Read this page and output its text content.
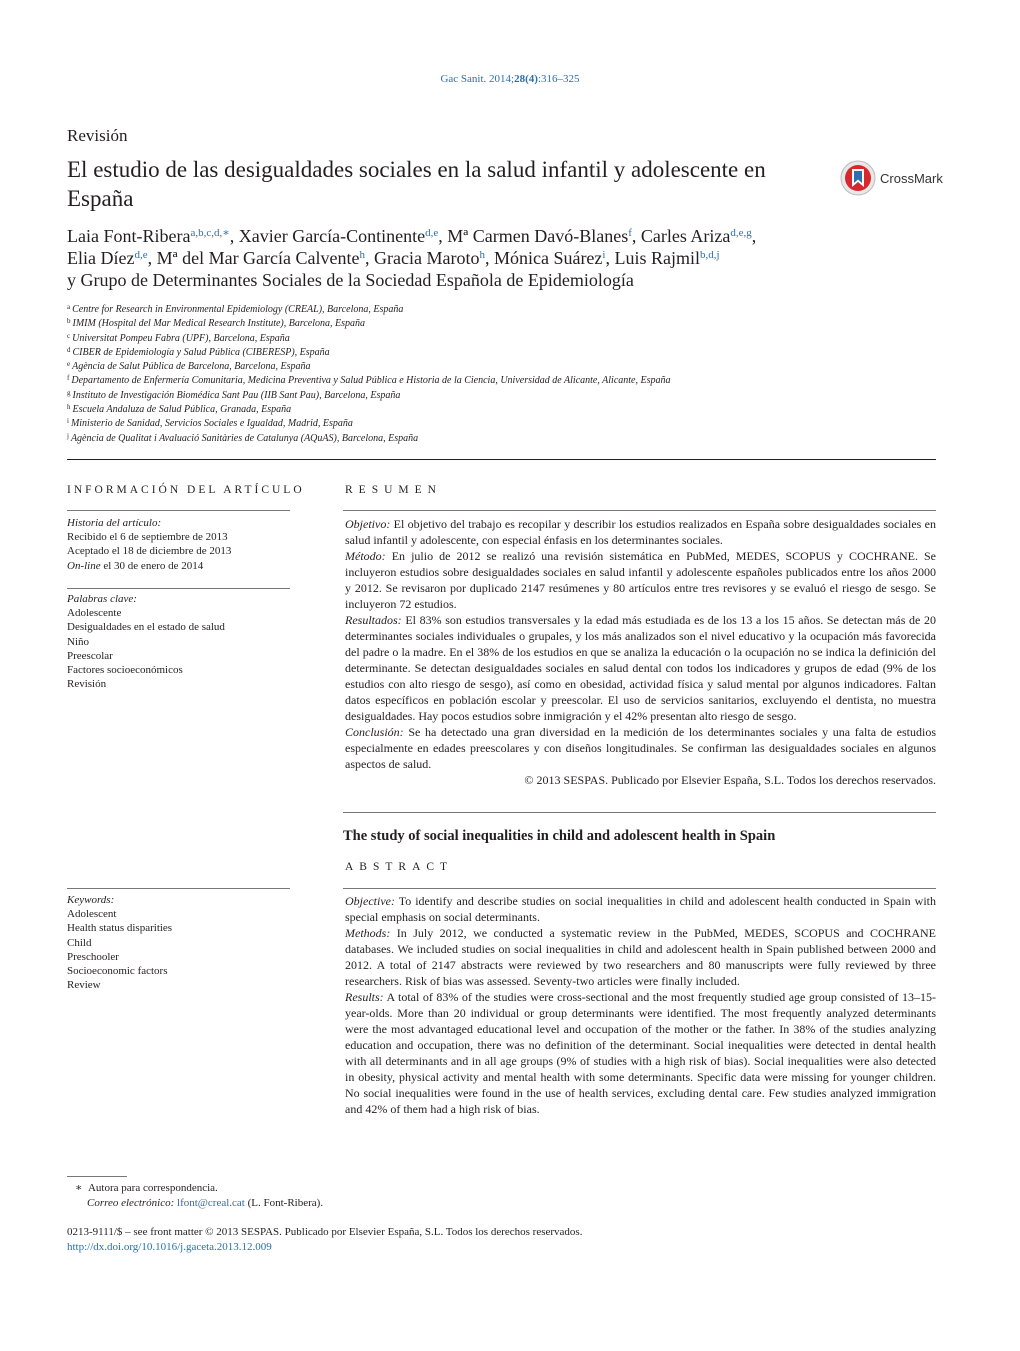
Gac Sanit. 2014;28(4):316–325
Revisión
El estudio de las desigualdades sociales en la salud infantil y adolescente en España
CrossMark
Laia Font-Ribera$^{a,b,c,d,∗}$, Xavier García-Continente$^{d,e}$, Mª Carmen Davó-Blanes$^f$, Carles Ariza$^{d,e,g}$,
Elia Díez$^{d,e}$, Mª del Mar García Calvente$^h$, Gracia Maroto$^h$, Mónica Suárez$^i$, Luis Rajmil$^{b,d,j}$
y Grupo de Determinantes Sociales de la Sociedad Española de Epidemiología
$^a$ Centre for Research in Environmental Epidemiology (CREAL), Barcelona, España
$^b$ IMIM (Hospital del Mar Medical Research Institute), Barcelona, España
$^c$ Universitat Pompeu Fabra (UPF), Barcelona, España
$^d$ CIBER de Epidemiología y Salud Pública (CIBERESP), España
$^e$ Agència de Salut Pública de Barcelona, Barcelona, España
$^f$ Departamento de Enfermería Comunitaria, Medicina Preventiva y Salud Pública e Historia de la Ciencia, Universidad de Alicante, Alicante, España
$^g$ Instituto de Investigación Biomédica Sant Pau (IIB Sant Pau), Barcelona, España
$^h$ Escuela Andaluza de Salud Pública, Granada, España
$^i$ Ministerio de Sanidad, Servicios Sociales e Igualdad, Madrid, España
$^j$ Agència de Qualitat i Avaluació Sanitàries de Catalunya (AQuAS), Barcelona, España
INFORMACIÓN DEL ARTÍCULO
Historia del artículo:
Recibido el 6 de septiembre de 2013
Aceptado el 18 de diciembre de 2013
On-line el 30 de enero de 2014
Palabras clave:
Adolescente
Desigualdades en el estado de salud
Niño
Preescolar
Factores socioeconómicos
Revisión
Keywords:
Adolescent
Health status disparities
Child
Preschooler
Socioeconomic factors
Review
RESUMEN
Objetivo: El objetivo del trabajo es recopilar y describir los estudios realizados en España sobre desigualdades sociales en salud infantil y adolescente, con especial énfasis en los determinantes sociales.
Método: En julio de 2012 se realizó una revisión sistemática en PubMed, MEDES, SCOPUS y COCHRANE. Se incluyeron estudios sobre desigualdades sociales en salud infantil y adolescente españoles publicados entre los años 2000 y 2012. Se revisaron por duplicado 2147 resúmenes y 80 artículos entre tres revisores y se evaluó el riesgo de sesgo. Se incluyeron 72 estudios.
Resultados: El 83% son estudios transversales y la edad más estudiada es de los 13 a los 15 años. Se detectan más de 20 determinantes sociales individuales o grupales, y los más analizados son el nivel educativo y la ocupación más favorecida del padre o la madre. En el 38% de los estudios en que se analiza la educación o la ocupación no se indica la definición del determinante. Se detectan desigualdades sociales en salud dental con todos los indicadores y grupos de edad (9% de los estudios con alto riesgo de sesgo), así como en obesidad, actividad física y salud mental por algunos indicadores. Faltan datos específicos en población escolar y preescolar. El uso de servicios sanitarios, excluyendo el dentista, no muestra desigualdades. Hay pocos estudios sobre inmigración y el 42% presentan alto riesgo de sesgo.
Conclusión: Se ha detectado una gran diversidad en la medición de los determinantes sociales y una falta de estudios especialmente en edades preescolares y con diseños longitudinales. Se confirman las desigualdades sociales en algunos aspectos de salud.
© 2013 SESPAS. Publicado por Elsevier España, S.L. Todos los derechos reservados.
The study of social inequalities in child and adolescent health in Spain
ABSTRACT
Objective: To identify and describe studies on social inequalities in child and adolescent health conducted in Spain with special emphasis on social determinants.
Methods: In July 2012, we conducted a systematic review in the PubMed, MEDES, SCOPUS and COCHRANE databases. We included studies on social inequalities in child and adolescent health in Spain published between 2000 and 2012. A total of 2147 abstracts were reviewed by two researchers and 80 manuscripts were fully reviewed by three researchers. Risk of bias was assessed. Seventy-two articles were finally included.
Results: A total of 83% of the studies were cross-sectional and the most frequently studied age group consisted of 13–15-year-olds. More than 20 individual or group determinants were identified. The most frequently analyzed determinants were the most advantaged educational level and occupation of the mother or the father. In 38% of the studies analyzing education and occupation, there was no definition of the determinant. Social inequalities were detected in dental health with all determinants and in all age groups (9% of studies with a high risk of bias). Social inequalities were also detected in obesity, physical activity and mental health with some determinants. Specific data were missing for younger children. No social inequalities were found in the use of health services, excluding dental care. Few studies analyzed immigration and 42% of them had a high risk of bias.
∗ Autora para correspondencia.
Correo electrónico: lfont@creal.cat (L. Font-Ribera).
0213-9111/$ – see front matter © 2013 SESPAS. Publicado por Elsevier España, S.L. Todos los derechos reservados.
http://dx.doi.org/10.1016/j.gaceta.2013.12.009
